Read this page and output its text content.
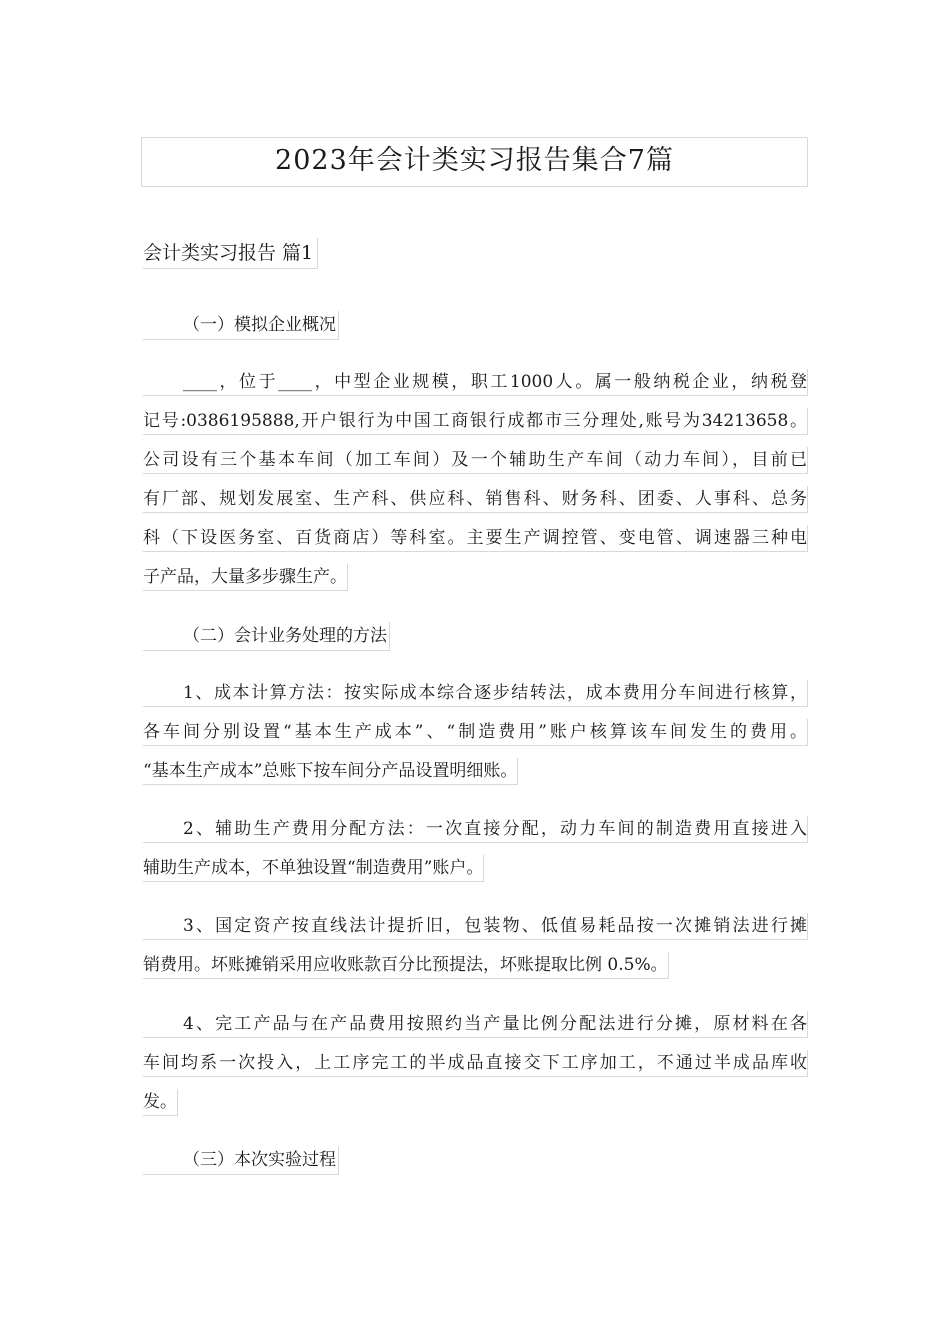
2023年会计类实习报告集合7篇
会计类实习报告 篇1
（一）模拟企业概况
____，位于____，中型企业规模，职工1000人。属一般纳税企业，纳税登
记号:0386195888,开户银行为中国工商银行成都市三分理处,账号为34213658。
公司设有三个基本车间（加工车间）及一个辅助生产车间（动力车间），目前已
有厂部、规划发展室、生产科、供应科、销售科、财务科、团委、人事科、总务
科（下设医务室、百货商店）等科室。主要生产调控管、变电管、调速器三种电
子产品，大量多步骤生产。
（二）会计业务处理的方法
1、成本计算方法：按实际成本综合逐步结转法，成本费用分车间进行核算，
各车间分别设置“基本生产成本”、“制造费用”账户核算该车间发生的费用。
“基本生产成本”总账下按车间分产品设置明细账。
2、辅助生产费用分配方法：一次直接分配，动力车间的制造费用直接进入
辅助生产成本，不单独设置“制造费用”账户。
3、国定资产按直线法计提折旧，包装物、低值易耗品按一次摊销法进行摊
销费用。坏账摊销采用应收账款百分比预提法，坏账提取比例 0.5%。
4、完工产品与在产品费用按照约当产量比例分配法进行分摊，原材料在各
车间均系一次投入，上工序完工的半成品直接交下工序加工，不通过半成品库收
发。
（三）本次实验过程
